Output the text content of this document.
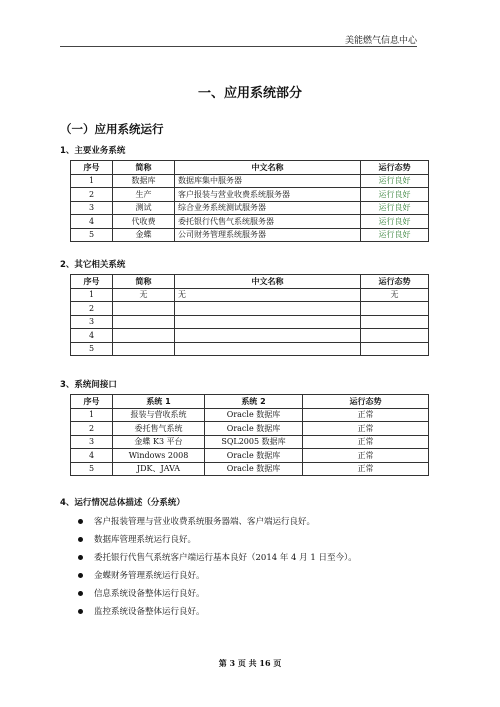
美能燃气信息中心
一、应用系统部分
（一）应用系统运行
1、主要业务系统
序号	简称	中文名称	运行态势
1	数据库	数据库集中服务器	运行良好
2	生产	客户报装与营业收费系统服务器	运行良好
3	测试	综合业务系统测试服务器	运行良好
4	代收费	委托银行代售气系统服务器	运行良好
5	金蝶	公司财务管理系统服务器	运行良好
2、其它相关系统
序号	简称	中文名称	运行态势
1	无	无	无
2			
3			
4			
5			
3、系统间接口
序号	系统 1	系统 2	运行态势
1	报装与营收系统	Oracle 数据库	正常
2	委托售气系统	Oracle 数据库	正常
3	金蝶 K3 平台	SQL2005 数据库	正常
4	Windows 2008	Oracle 数据库	正常
5	JDK、JAVA	Oracle 数据库	正常
4、运行情况总体描述（分系统）
客户报装管理与营业收费系统服务器端、客户端运行良好。
数据库管理系统运行良好。
委托银行代售气系统客户端运行基本良好（2014 年 4 月 1 日至今）。
金蝶财务管理系统运行良好。
信息系统设备整体运行良好。
监控系统设备整体运行良好。
第 3 页 共 16 页
